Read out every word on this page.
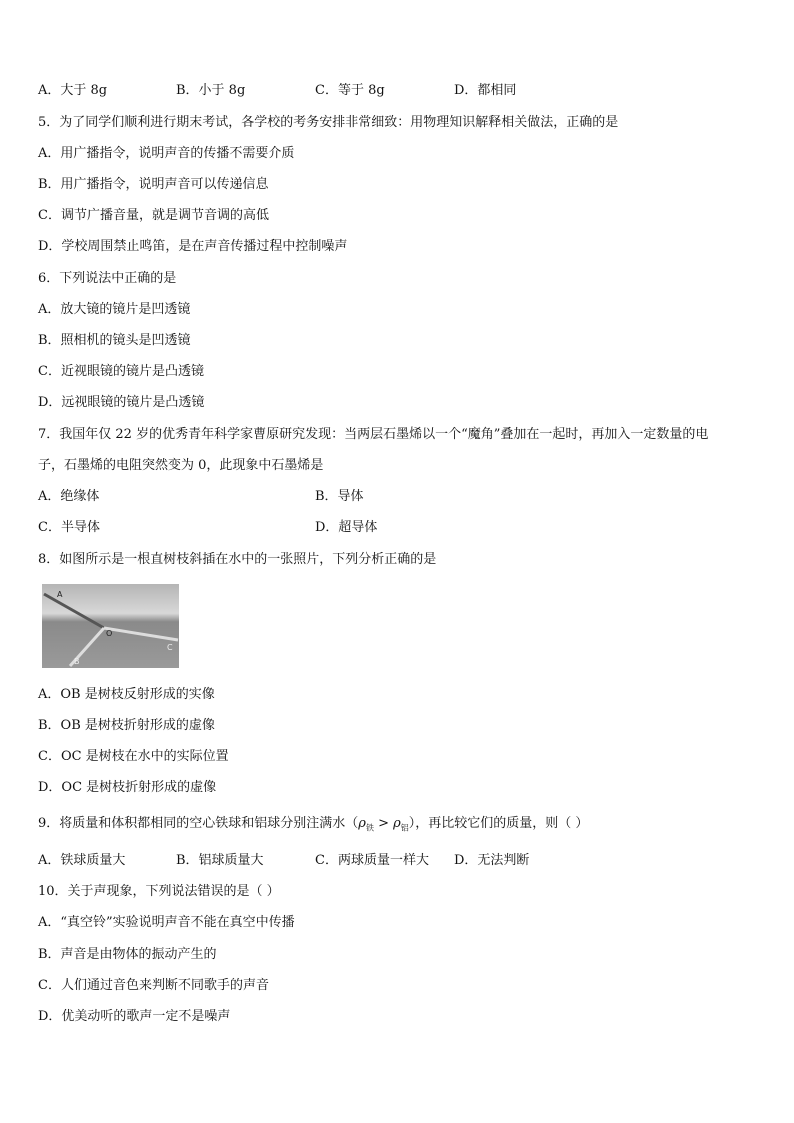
A．大于 8g	B．小于 8g	C．等于 8g	D．都相同
5．为了同学们顺利进行期末考试，各学校的考务安排非常细致：用物理知识解释相关做法，正确的是
A．用广播指令，说明声音的传播不需要介质
B．用广播指令，说明声音可以传递信息
C．调节广播音量，就是调节音调的高低
D．学校周围禁止鸣笛，是在声音传播过程中控制噪声
6．下列说法中正确的是
A．放大镜的镜片是凹透镜
B．照相机的镜头是凹透镜
C．近视眼镜的镜片是凸透镜
D．远视眼镜的镜片是凸透镜
7．我国年仅 22 岁的优秀青年科学家曹原研究发现：当两层石墨烯以一个“魔角”叠加在一起时，再加入一定数量的电
子，石墨烯的电阻突然变为 0，此现象中石墨烯是
A．绝缘体	B．导体
C．半导体	D．超导体
8．如图所示是一根直树枝斜插在水中的一张照片，下列分析正确的是
A
O
B
C
A．OB 是树枝反射形成的实像
B．OB 是树枝折射形成的虚像
C．OC 是树枝在水中的实际位置
D．OC 是树枝折射形成的虚像
9．将质量和体积都相同的空心铁球和铝球分别注满水$(\rho_铁 > \rho_铝)$，再比较它们的质量，则（ ）
A．铁球质量大	B．铝球质量大	C．两球质量一样大 D．无法判断
10．关于声现象，下列说法错误的是（ ）
A．“真空铃”实验说明声音不能在真空中传播
B．声音是由物体的振动产生的
C．人们通过音色来判断不同歌手的声音
D．优美动听的歌声一定不是噪声
